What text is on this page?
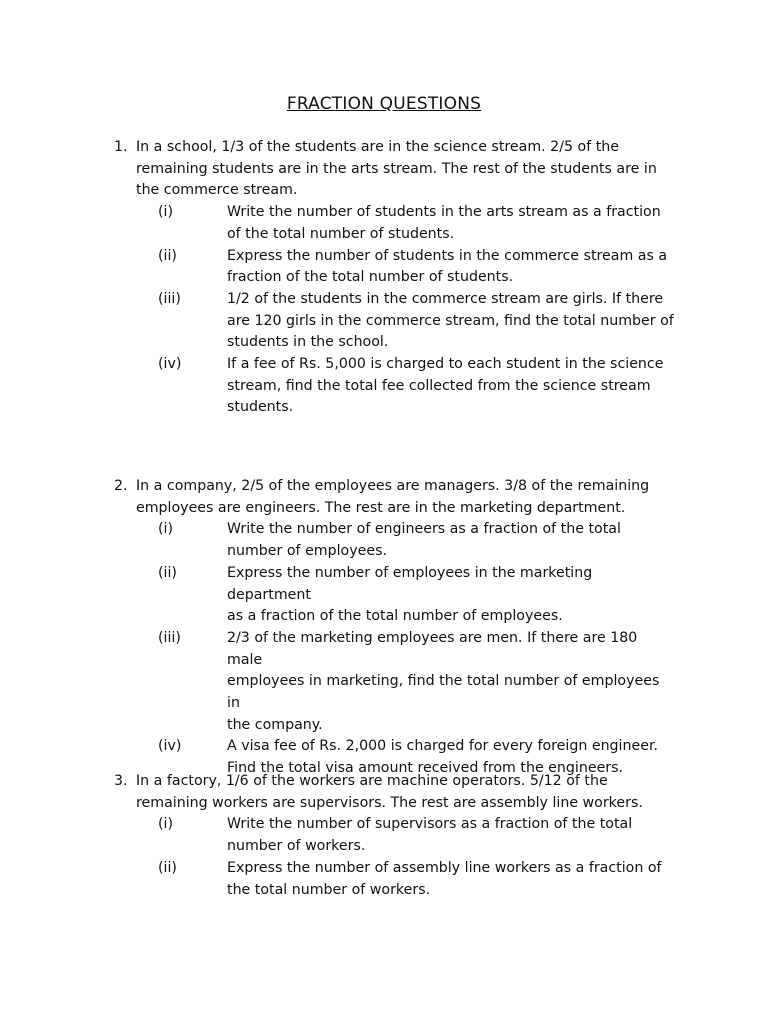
FRACTION QUESTIONS
1. In a school, 1/3 of the students are in the science stream. 2/5 of the
remaining students are in the arts stream. The rest of the students are in
the commerce stream.
(i)	Write the number of students in the arts stream as a fraction
of the total number of students.
(ii)	Express the number of students in the commerce stream as a
fraction of the total number of students.
(iii)	1/2 of the students in the commerce stream are girls. If there
are 120 girls in the commerce stream, find the total number of
students in the school.
(iv)	If a fee of Rs. 5,000 is charged to each student in the science
stream, find the total fee collected from the science stream
students.
2. In a company, 2/5 of the employees are managers. 3/8 of the remaining
employees are engineers. The rest are in the marketing department.
(i)	Write the number of engineers as a fraction of the total
number of employees.
(ii)	Express the number of employees in the marketing department
as a fraction of the total number of employees.
(iii)	2/3 of the marketing employees are men. If there are 180 male
employees in marketing, find the total number of employees in
the company.
(iv)	A visa fee of Rs. 2,000 is charged for every foreign engineer.
Find the total visa amount received from the engineers.
3. In a factory, 1/6 of the workers are machine operators. 5/12 of the
remaining workers are supervisors. The rest are assembly line workers.
(i)	Write the number of supervisors as a fraction of the total
number of workers.
(ii)	Express the number of assembly line workers as a fraction of
the total number of workers.
